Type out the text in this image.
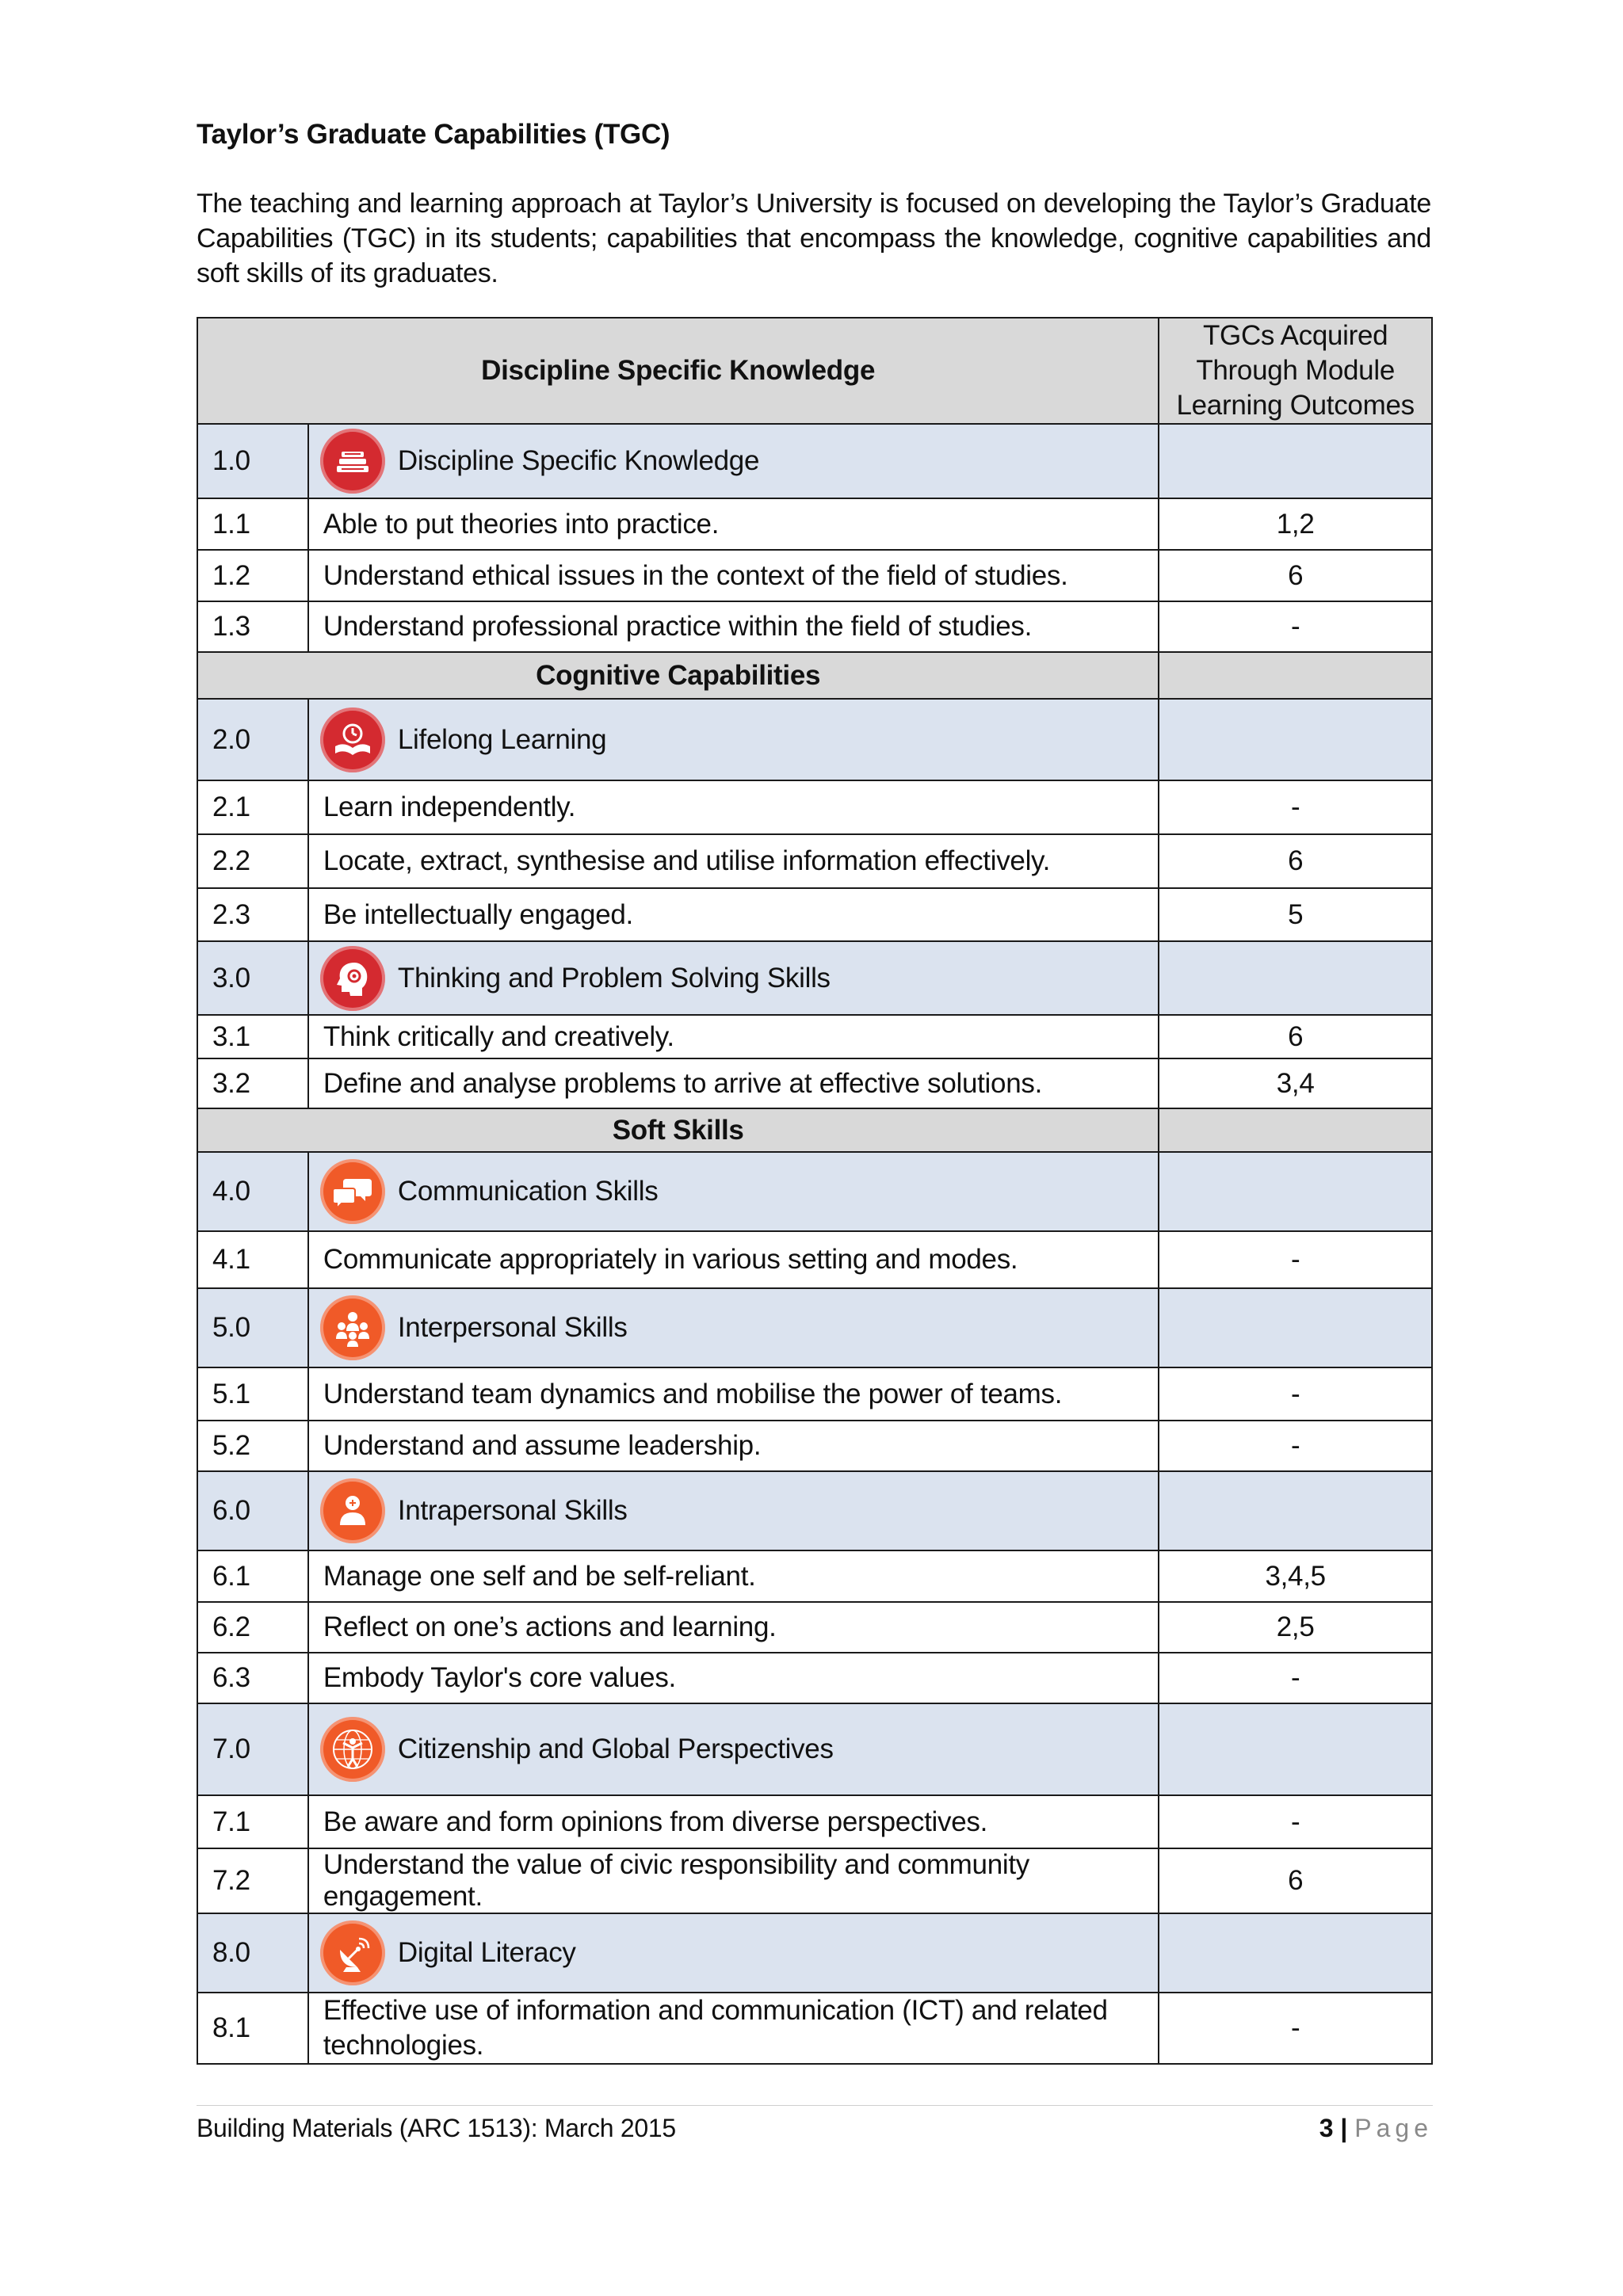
Taylor’s Graduate Capabilities (TGC)
The teaching and learning approach at Taylor’s University is focused on developing the Taylor’s Graduate Capabilities (TGC) in its students; capabilities that encompass the knowledge, cognitive capabilities and soft skills of its graduates.
Discipline Specific Knowledge		TGCs Acquired
Through Module
Learning Outcomes

1.0	Discipline Specific Knowledge	

1.1	Able to put theories into practice.	1,2
1.2	Understand ethical issues in the context of the field of studies.	6
1.3	Understand professional practice within the field of studies.	-
Cognitive Capabilities		
2.0	Lifelong Learning	

2.1	Learn independently.	-
2.2	Locate, extract, synthesise and utilise information effectively.	6
2.3	Be intellectually engaged.	5
3.0	Thinking and Problem Solving Skills	

3.1	Think critically and creatively.	6
3.2	Define and analyse problems to arrive at effective solutions.	3,4
Soft Skills		
4.0	Communication Skills	

4.1	Communicate appropriately in various setting and modes.	-
5.0	Interpersonal Skills	

5.1	Understand team dynamics and mobilise the power of teams.	-
5.2	Understand and assume leadership.	-
6.0	Intrapersonal Skills	

6.1	Manage one self and be self-reliant.	3,4,5
6.2	Reflect on one’s actions and learning.	2,5
6.3	Embody Taylor's core values.	-
7.0	Citizenship and Global Perspectives	

7.1	Be aware and form opinions from diverse perspectives.	-
7.2	Understand the value of civic responsibility and community engagement.	6
8.0	Digital Literacy	

8.1	Effective use of information and communication (ICT) and related
technologies.	-
Building Materials (ARC 1513): March 2015	3 | Page
